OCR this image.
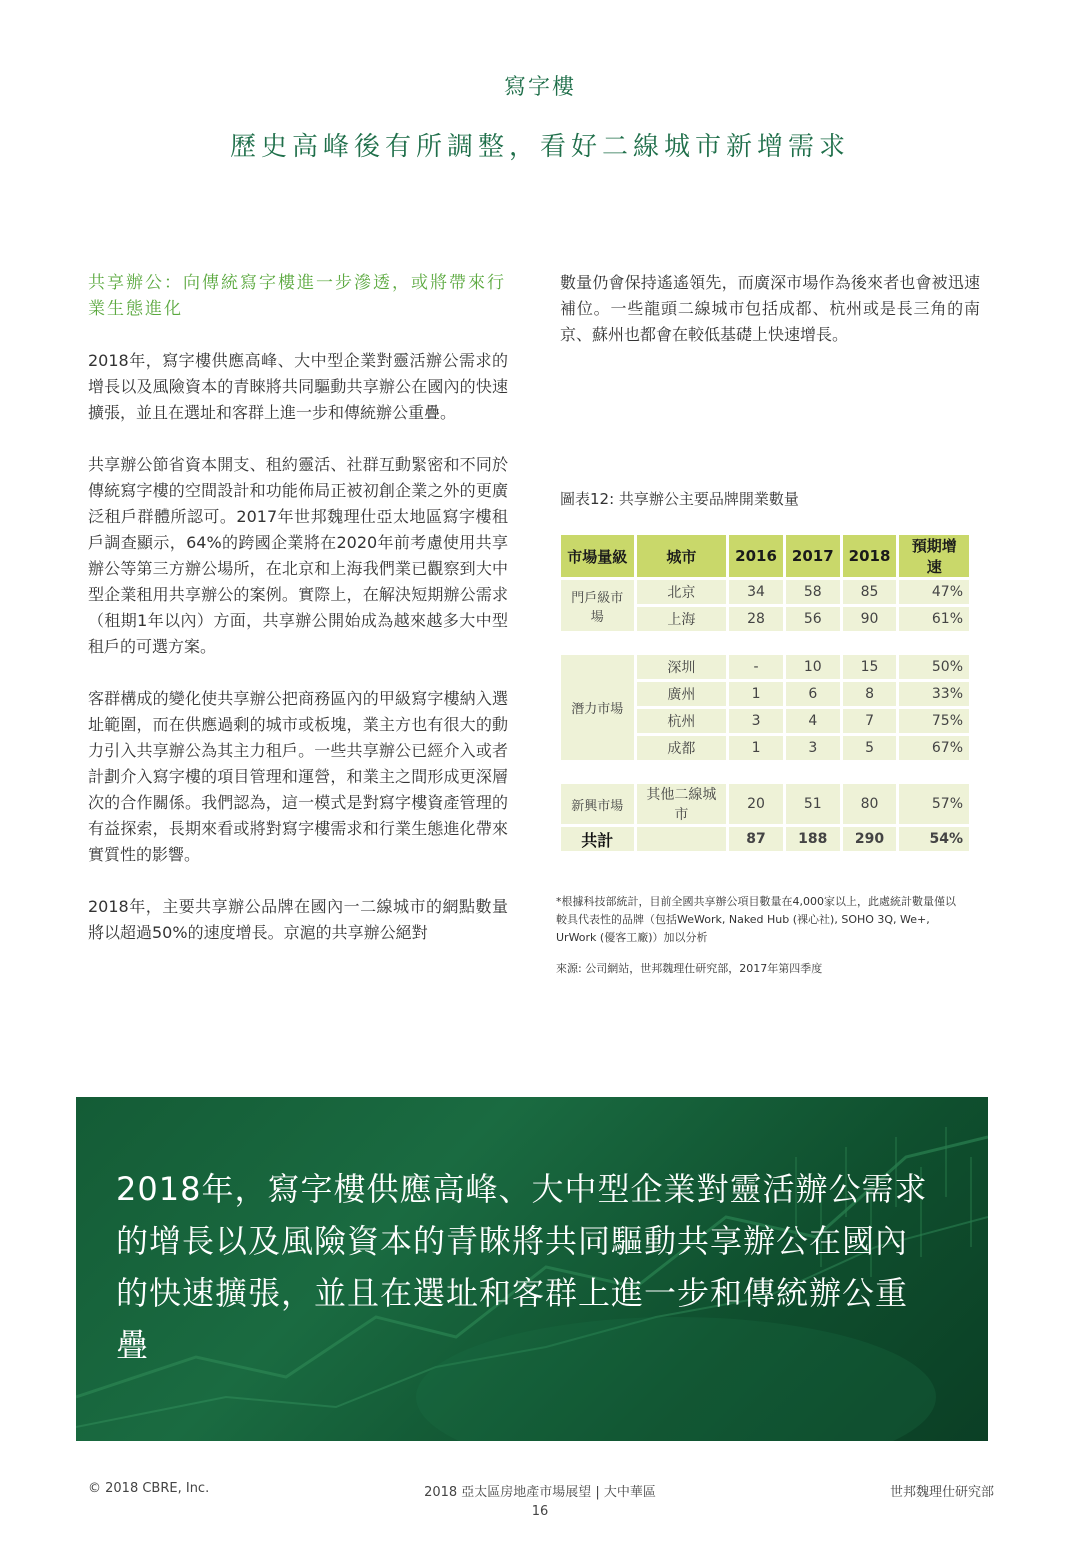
寫字樓
歷史高峰後有所調整，看好二線城市新增需求

共享辦公：向傳統寫字樓進一步滲透，或將帶來行業生態進化

2018年，寫字樓供應高峰、大中型企業對靈活辦公需求的增長以及風險資本的青睞將共同驅動共享辦公在國內的快速擴張，並且在選址和客群上進一步和傳統辦公重疊。

共享辦公節省資本開支、租約靈活、社群互動緊密和不同於傳統寫字樓的空間設計和功能佈局正被初創企業之外的更廣泛租戶群體所認可。2017年世邦魏理仕亞太地區寫字樓租戶調查顯示，64%的跨國企業將在2020年前考慮使用共享辦公等第三方辦公場所，在北京和上海我們業已觀察到大中型企業租用共享辦公的案例。實際上，在解決短期辦公需求（租期1年以內）方面，共享辦公開始成為越來越多大中型租戶的可選方案。

客群構成的變化使共享辦公把商務區內的甲級寫字樓納入選址範圍，而在供應過剩的城市或板塊，業主方也有很大的動力引入共享辦公為其主力租戶。一些共享辦公已經介入或者計劃介入寫字樓的項目管理和運營，和業主之間形成更深層次的合作關係。我們認為，這一模式是對寫字樓資產管理的有益探索，長期來看或將對寫字樓需求和行業生態進化帶來實質性的影響。

2018年，主要共享辦公品牌在國內一二線城市的網點數量將以超過50%的速度增長。京滬的共享辦公絕對

數量仍會保持遙遙領先，而廣深市場作為後來者也會被迅速補位。一些龍頭二線城市包括成都、杭州或是長三角的南京、蘇州也都會在較低基礎上快速增長。

圖表12: 共享辦公主要品牌開業數量
市場量級	城市	2016	2017	2018	預期增速
門戶級市場	北京	34	58	85	47%
	上海	28	56	90	61%

潛力市場	深圳	-	10	15	50%
	廣州	1	6	8	33%
	杭州	3	4	7	75%
	成都	1	3	5	67%

新興市場	其他二線城市	20	51	80	57%
共計		87	188	290	54%
*根據科技部統計，目前全國共享辦公項目數量在4,000家以上，此處統計數量僅以較具代表性的品牌（包括WeWork, Naked Hub (裸心社), SOHO 3Q, We+, UrWork (優客工廠)）加以分析
來源: 公司網站，世邦魏理仕研究部，2017年第四季度
2018年，寫字樓供應高峰、大中型企業對靈活辦公需求的增長以及風險資本的青睞將共同驅動共享辦公在國內的快速擴張，並且在選址和客群上進一步和傳統辦公重疊
© 2018 CBRE, Inc.	2018 亞太區房地產市場展望 | 大中華區	世邦魏理仕研究部
16
